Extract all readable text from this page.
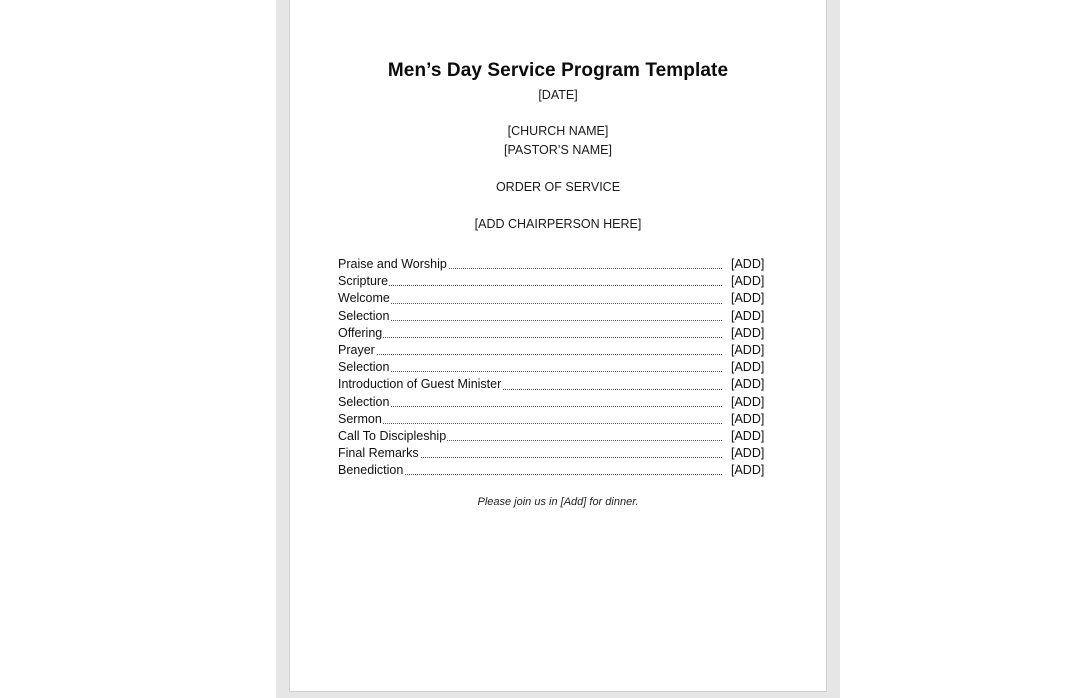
Men’s Day Service Program Template
[DATE]
[CHURCH NAME]
[PASTOR’S NAME]
ORDER OF SERVICE
[ADD CHAIRPERSON HERE]
Praise and Worship	[ADD]
Scripture	[ADD]
Welcome	[ADD]
Selection	[ADD]
Offering	[ADD]
Prayer	[ADD]
Selection	[ADD]
Introduction of Guest Minister	[ADD]
Selection	[ADD]
Sermon	[ADD]
Call To Discipleship	[ADD]
Final Remarks	[ADD]
Benediction	[ADD]
Please join us in [Add] for dinner.
